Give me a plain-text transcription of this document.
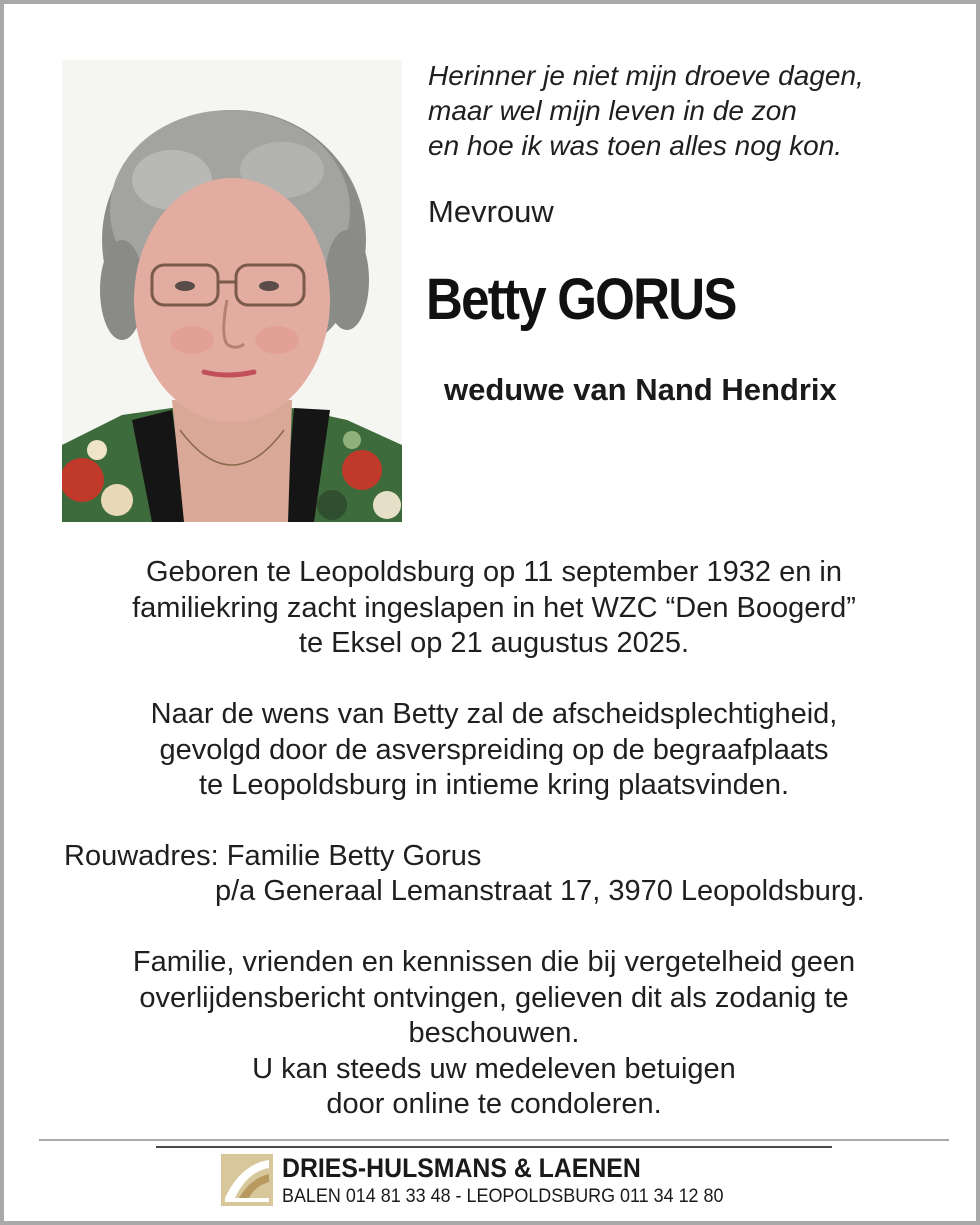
Herinner je niet mijn droeve dagen,
maar wel mijn leven in de zon
en hoe ik was toen alles nog kon.
Mevrouw
Betty GORUS
weduwe van Nand Hendrix
Geboren te Leopoldsburg op 11 september 1932 en in
familiekring zacht ingeslapen in het WZC “Den Boogerd”
te Eksel op 21 augustus 2025.
Naar de wens van Betty zal de afscheidsplechtigheid,
gevolgd door de asverspreiding op de begraafplaats
te Leopoldsburg in intieme kring plaatsvinden.
Rouwadres: Familie Betty Gorus
p/a Generaal Lemanstraat 17, 3970 Leopoldsburg.
Familie, vrienden en kennissen die bij vergetelheid geen
overlijdensbericht ontvingen, gelieven dit als zodanig te
beschouwen.
U kan steeds uw medeleven betuigen
door online te condoleren.
DRIES-HULSMANS & LAENEN
BALEN 014 81 33 48 - LEOPOLDSBURG 011 34 12 80
